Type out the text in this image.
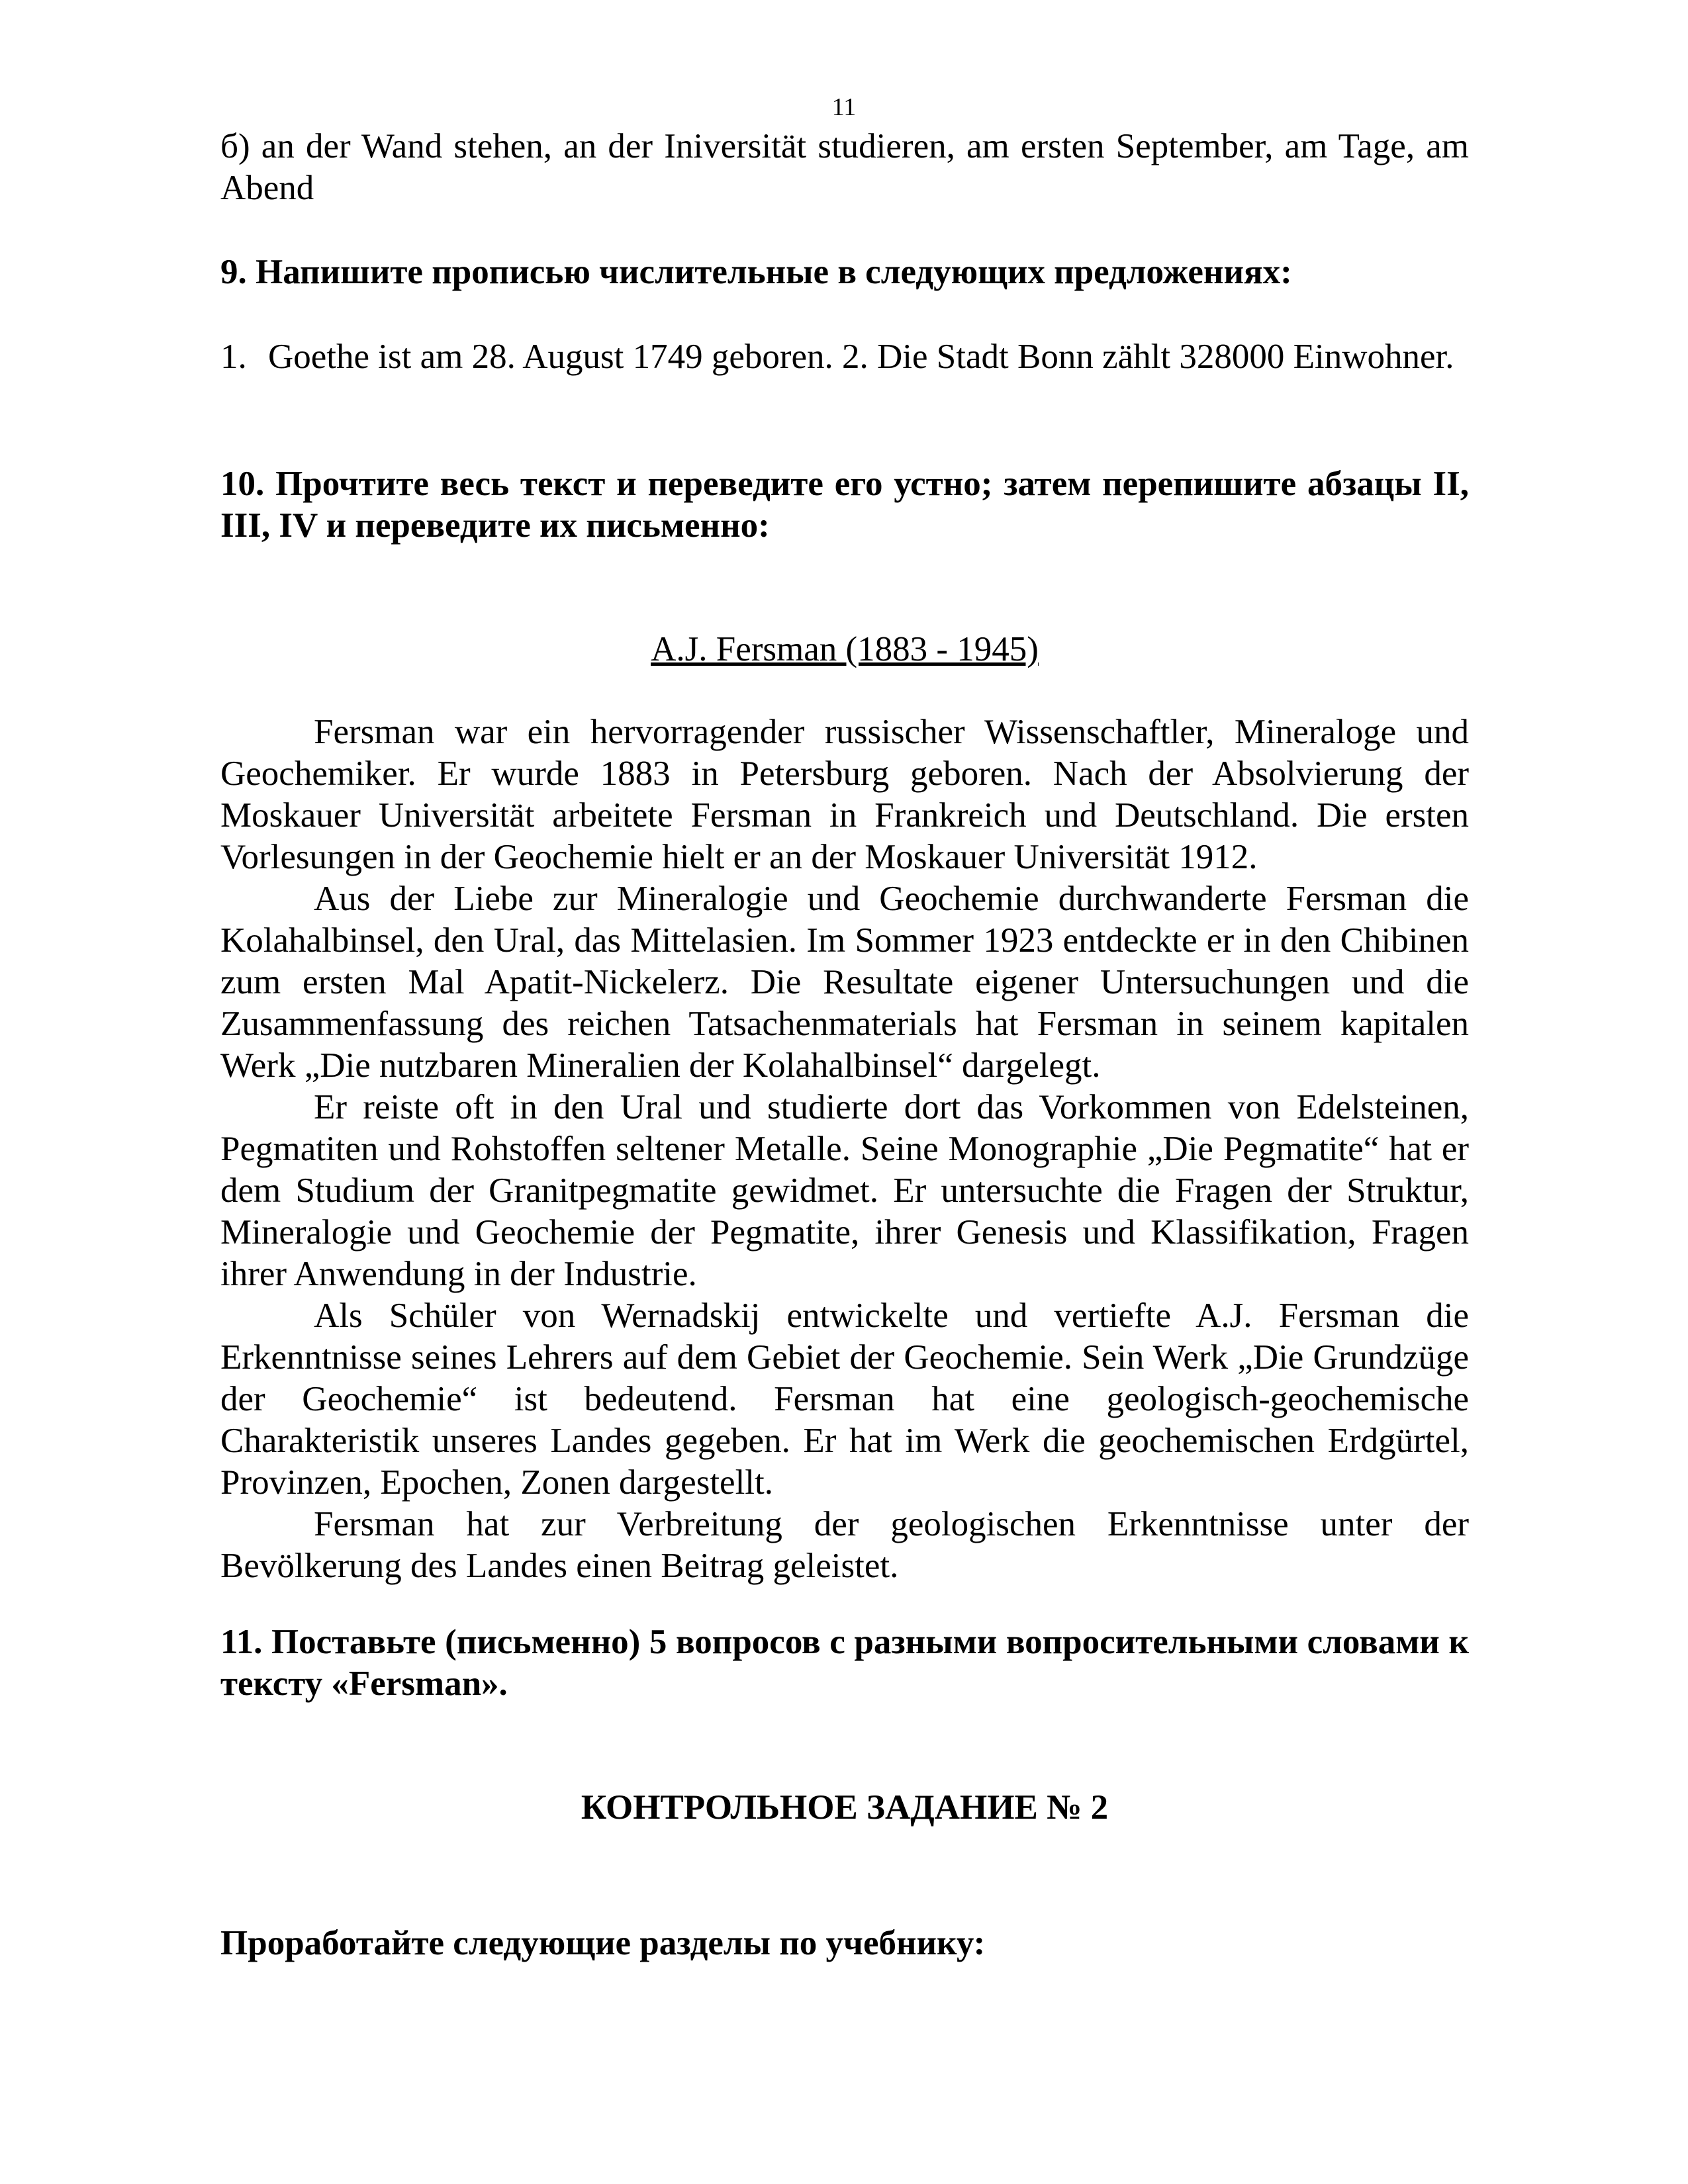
11

б) an der Wand stehen, an der Iniversität studieren, am ersten September, am Tage, am Abend

9. Напишите прописью числительные в следующих предложениях:

1. Goethe ist am 28. August 1749 geboren. 2. Die Stadt Bonn zählt 328000 Einwohner.

10. Прочтите весь текст и переведите его устно; затем перепишите абзацы II, III, IV и переведите их письменно:

A.J. Fersman (1883 - 1945)

Fersman war ein hervorragender russischer Wissenschaftler, Mineraloge und Geochemiker. Er wurde 1883 in Petersburg geboren. Nach der Absolvierung der Moskauer Universität arbeitete Fersman in Frankreich und Deutschland. Die ersten Vorlesungen in der Geochemie hielt er an der Moskauer Universität 1912.

Aus der Liebe zur Mineralogie und Geochemie durchwanderte Fersman die Kolahalbinsel, den Ural, das Mittelasien. Im Sommer 1923 entdeckte er in den Chibinen zum ersten Mal Apatit-Nickelerz. Die Resultate eigener Untersuchungen und die Zusammenfassung des reichen Tatsachenmaterials hat Fersman in seinem kapitalen Werk „Die nutzbaren Mineralien der Kolahalbinsel“ dargelegt.

Er reiste oft in den Ural und studierte dort das Vorkommen von Edelsteinen, Pegmatiten und Rohstoffen seltener Metalle. Seine Monographie „Die Pegmatite“ hat er dem Studium der Granitpegmatite gewidmet. Er untersuchte die Fragen der Struktur, Mineralogie und Geochemie der Pegmatite, ihrer Genesis und Klassifikation, Fragen ihrer Anwendung in der Industrie.

Als Schüler von Wernadskij entwickelte und vertiefte A.J. Fersman die Erkenntnisse seines Lehrers auf dem Gebiet der Geochemie. Sein Werk „Die Grundzüge der Geochemie“ ist bedeutend. Fersman hat eine geologisch-geochemische Charakteristik unseres Landes gegeben. Er hat im Werk die geochemischen Erdgürtel, Provinzen, Epochen, Zonen dargestellt.

Fersman hat zur Verbreitung der geologischen Erkenntnisse unter der Bevölkerung des Landes einen Beitrag geleistet.

11. Поставьте (письменно) 5 вопросов с разными вопросительными словами к тексту «Fersman».

КОНТРОЛЬНОЕ ЗАДАНИЕ № 2

Проработайте следующие разделы по учебнику:
